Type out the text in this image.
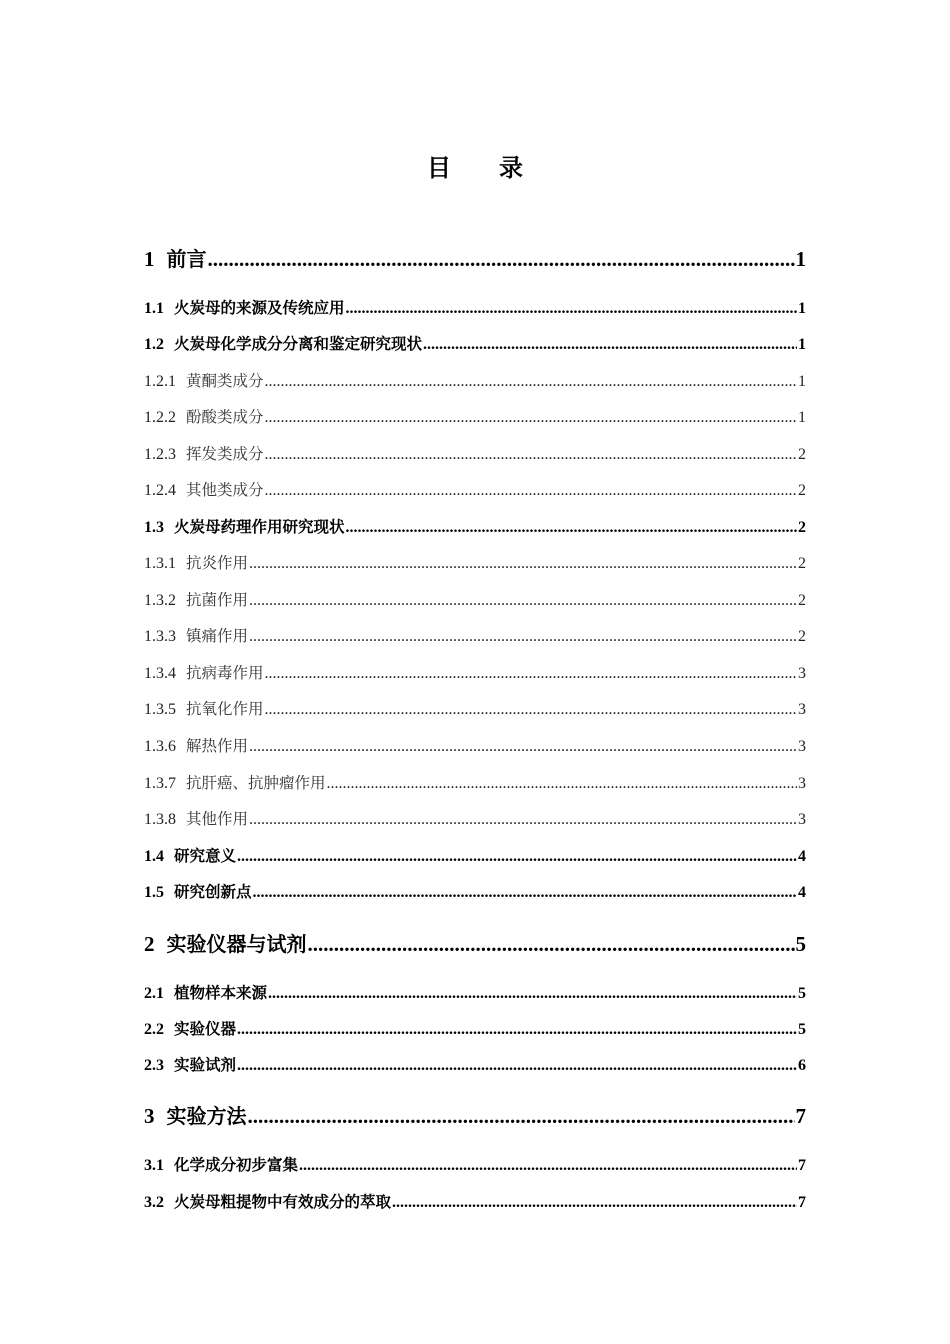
目 录
1 前言 .....	1
1.1 火炭母的来源及传统应用 .....	1
1.2 火炭母化学成分分离和鉴定研究现状 .....	1
1.2.1 黄酮类成分 .....	1
1.2.2 酚酸类成分 .....	1
1.2.3 挥发类成分 .....	2
1.2.4 其他类成分 .....	2
1.3 火炭母药理作用研究现状 .....	2
1.3.1 抗炎作用 .....	2
1.3.2 抗菌作用 .....	2
1.3.3 镇痛作用 .....	2
1.3.4 抗病毒作用 .....	3
1.3.5 抗氧化作用 .....	3
1.3.6 解热作用 .....	3
1.3.7 抗肝癌、抗肿瘤作用 .....	3
1.3.8 其他作用 .....	3
1.4 研究意义 .....	4
1.5 研究创新点 .....	4
2 实验仪器与试剂 .....	5
2.1 植物样本来源 .....	5
2.2 实验仪器 .....	5
2.3 实验试剂 .....	6
3 实验方法 .....	7
3.1 化学成分初步富集 .....	7
3.2 火炭母粗提物中有效成分的萃取 .....	7
